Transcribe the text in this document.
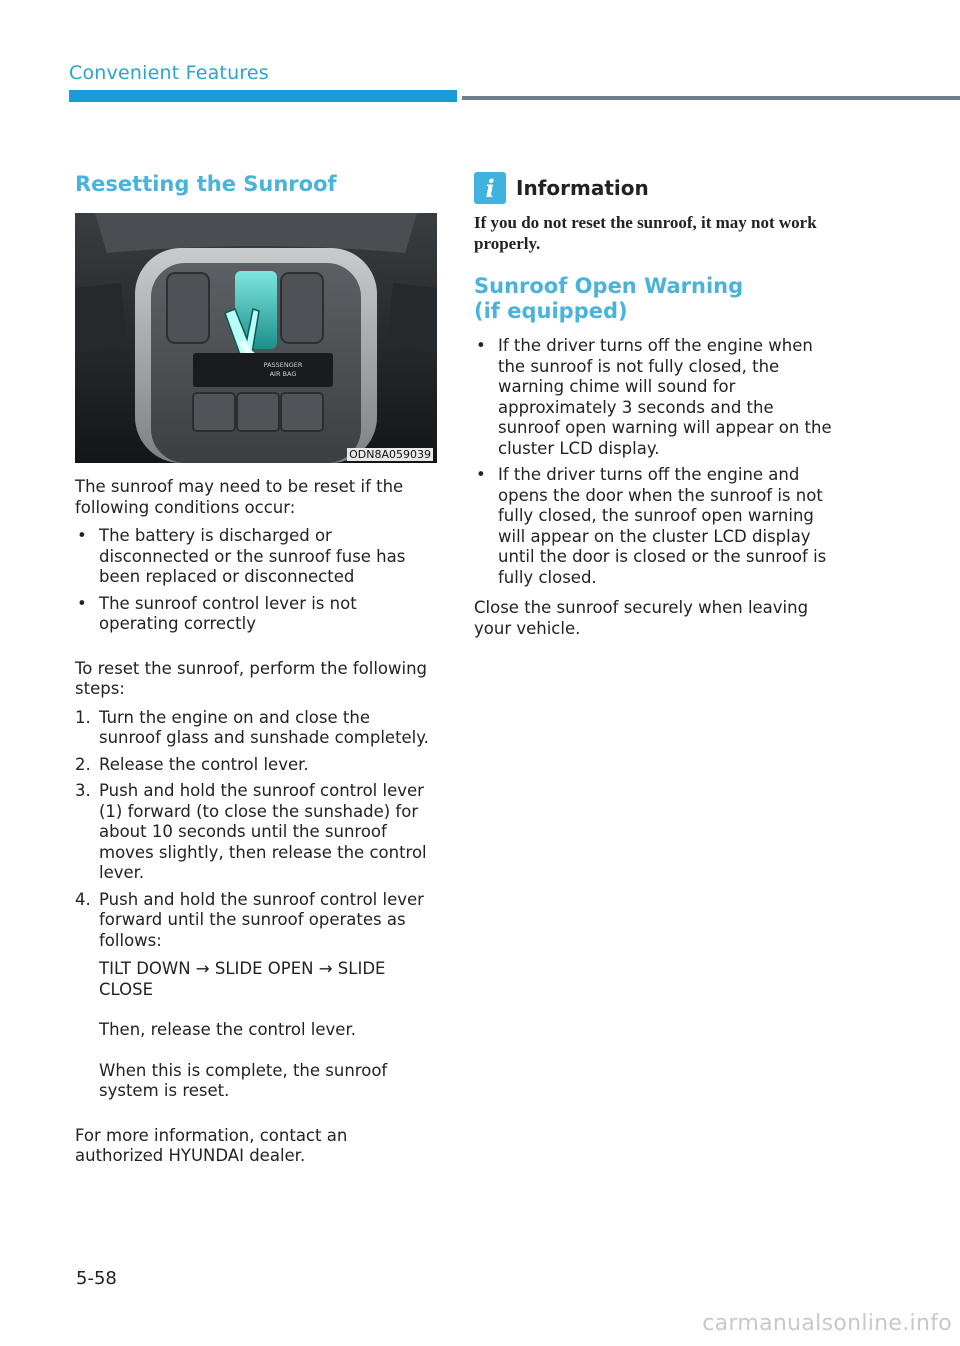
Convenient Features
Resetting the Sunroof
PASSENGER
AIR BAG
ODN8A059039

The sunroof may need to be reset if the following conditions occur:

• The battery is discharged or disconnected or the sunroof fuse has been replaced or disconnected
• The sunroof control lever is not operating correctly

To reset the sunroof, perform the following steps:

1. Turn the engine on and close the sunroof glass and sunshade completely.
2. Release the control lever.
3. Push and hold the sunroof control lever (1) forward (to close the sunshade) for about 10 seconds until the sunroof moves slightly, then release the control lever.
4. Push and hold the sunroof control lever forward until the sunroof operates as follows:
TILT DOWN → SLIDE OPEN → SLIDE CLOSE
Then, release the control lever.
When this is complete, the sunroof system is reset.

For more information, contact an authorized HYUNDAI dealer.

i	Information
If you do not reset the sunroof, it may not work properly.
Sunroof Open Warning
(if equipped)
• If the driver turns off the engine when the sunroof is not fully closed, the warning chime will sound for approximately 3 seconds and the sunroof open warning will appear on the cluster LCD display.
• If the driver turns off the engine and opens the door when the sunroof is not fully closed, the sunroof open warning will appear on the cluster LCD display until the door is closed or the sunroof is fully closed.

Close the sunroof securely when leaving your vehicle.

5-58
carmanualsonline.info
